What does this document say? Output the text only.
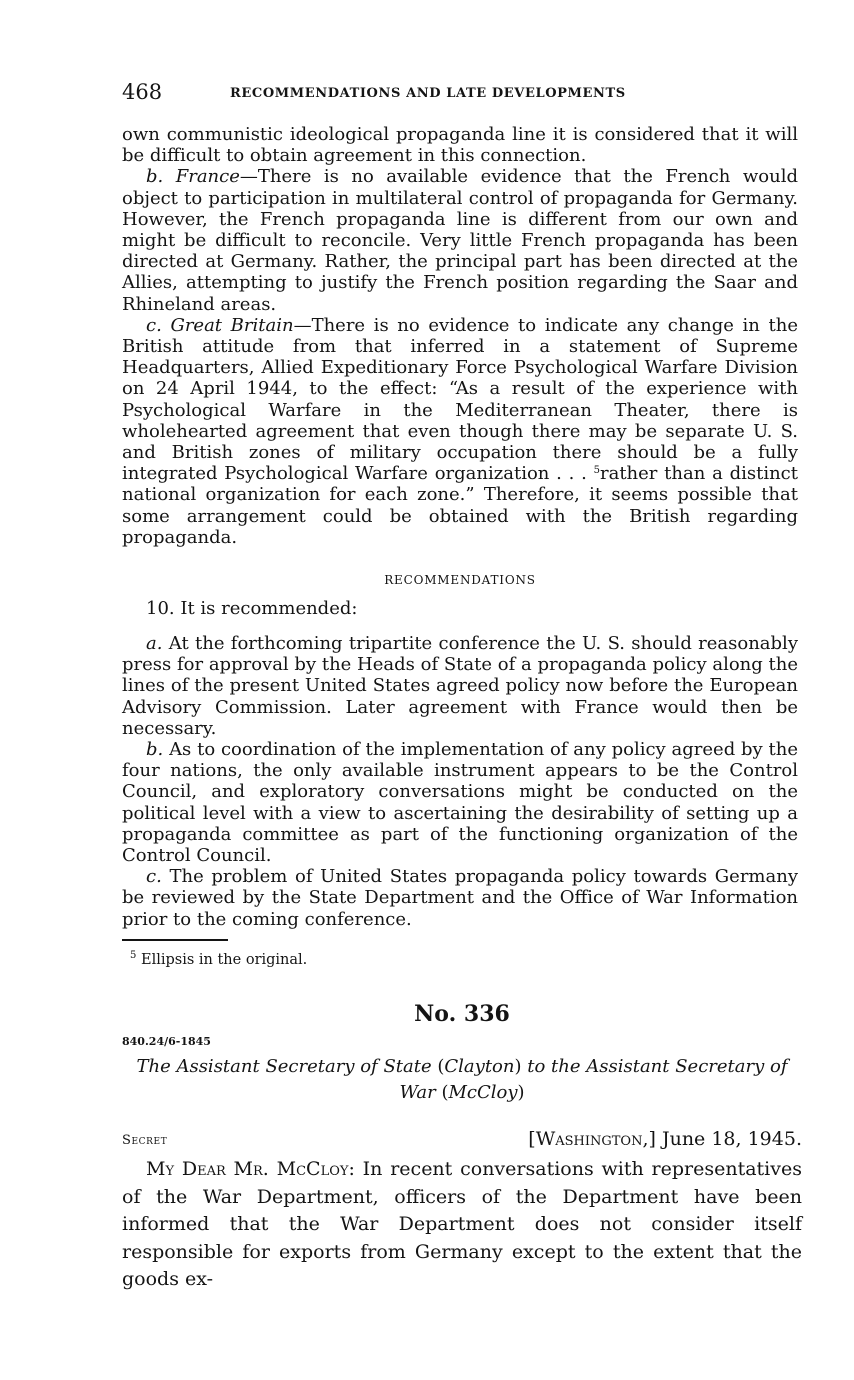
468	RECOMMENDATIONS AND LATE DEVELOPMENTS

own communistic ideological propaganda line it is considered that it will be difficult to obtain agreement in this connection.

b. France—There is no available evidence that the French would object to participation in multilateral control of propaganda for Germany. However, the French propaganda line is different from our own and might be difficult to reconcile. Very little French propaganda has been directed at Germany. Rather, the principal part has been directed at the Allies, attempting to justify the French position regarding the Saar and Rhineland areas.

c. Great Britain—There is no evidence to indicate any change in the British attitude from that inferred in a statement of Supreme Headquarters, Allied Expeditionary Force Psychological Warfare Division on 24 April 1944, to the effect: “As a result of the experience with Psychological Warfare in the Mediterranean Theater, there is wholehearted agreement that even though there may be separate U. S. and British zones of military occupation there should be a fully integrated Psychological Warfare organization . . . $^5$rather than a distinct national organization for each zone.” Therefore, it seems possible that some arrangement could be obtained with the British regarding propaganda.

RECOMMENDATIONS
10. It is recommended:

a. At the forthcoming tripartite conference the U. S. should reasonably press for approval by the Heads of State of a propaganda policy along the lines of the present United States agreed policy now before the European Advisory Commission. Later agreement with France would then be necessary.

b. As to coordination of the implementation of any policy agreed by the four nations, the only available instrument appears to be the Control Council, and exploratory conversations might be conducted on the political level with a view to ascertaining the desirability of setting up a propaganda committee as part of the functioning organization of the Control Council.

c. The problem of United States propaganda policy towards Germany be reviewed by the State Department and the Office of War Information prior to the coming conference.

$^5$ Ellipsis in the original.
No. 336
840.24/6-1845
The Assistant Secretary of State (Clayton) to the Assistant Secretary of War (McCloy)
Secret	[Washington,] June 18, 1945.

My Dear Mr. McCloy: In recent conversations with representatives of the War Department, officers of the Department have been informed that the War Department does not consider itself responsible for exports from Germany except to the extent that the goods ex-
